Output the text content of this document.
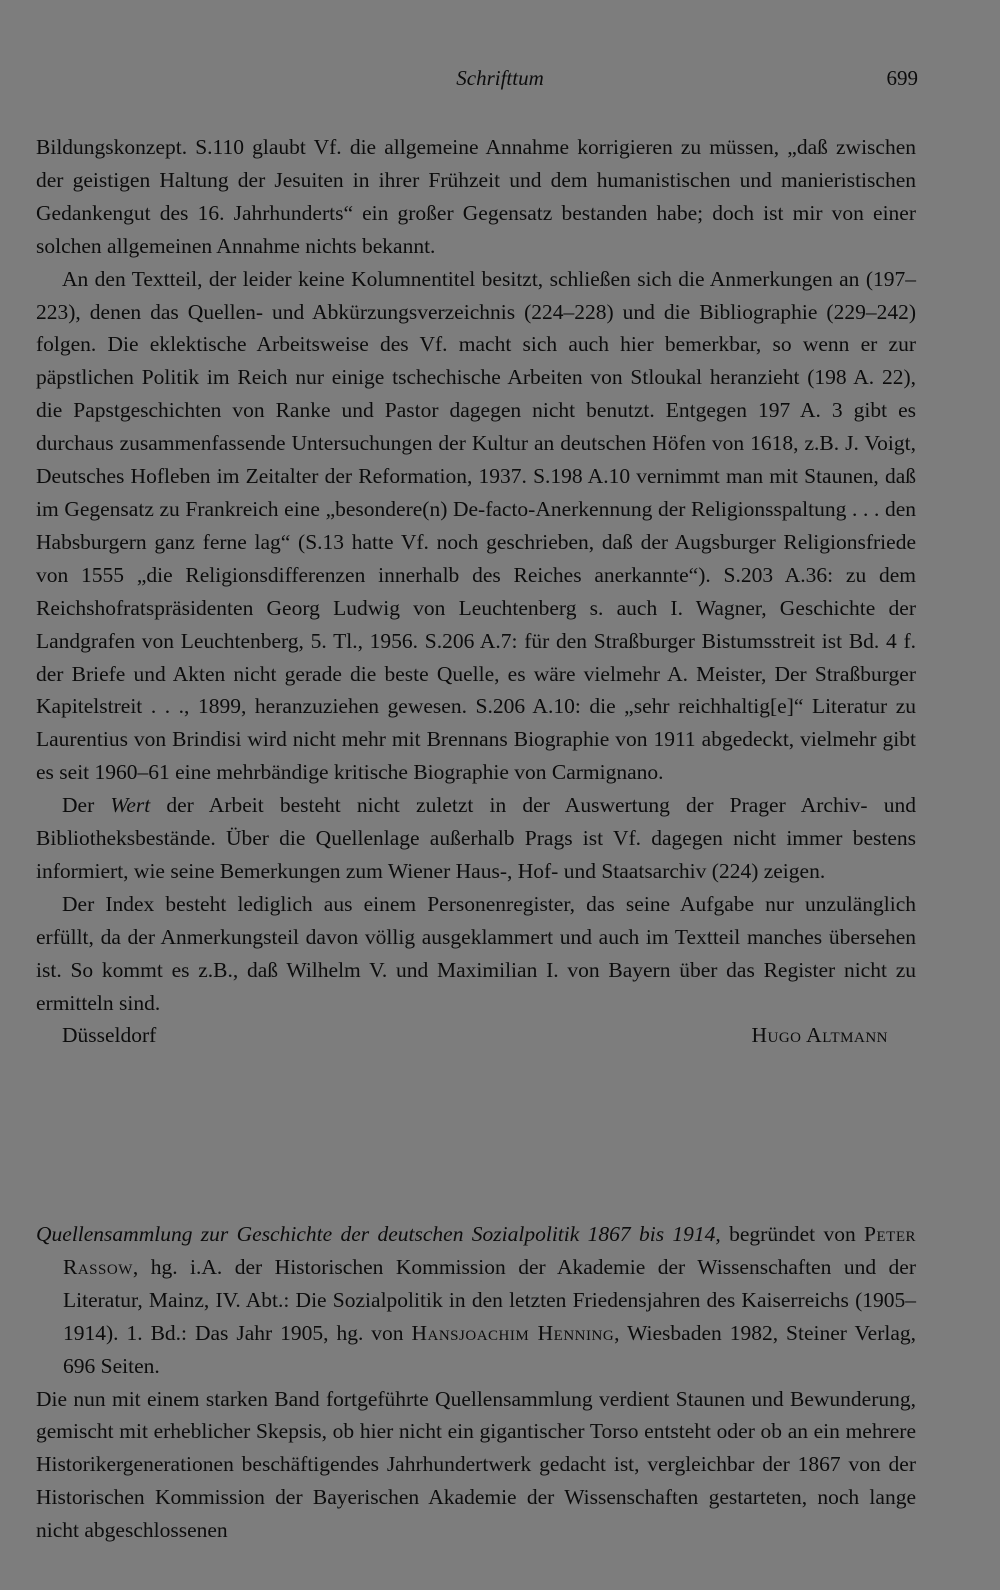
Schrifttum	699

Bildungskonzept. S.110 glaubt Vf. die allgemeine Annahme korrigieren zu müssen, „daß zwischen der geistigen Haltung der Jesuiten in ihrer Frühzeit und dem humanistischen und manieristischen Gedankengut des 16. Jahrhunderts“ ein großer Gegensatz bestanden habe; doch ist mir von einer solchen allgemeinen Annahme nichts bekannt.

An den Textteil, der leider keine Kolumnentitel besitzt, schließen sich die Anmerkungen an (197–223), denen das Quellen- und Abkürzungsverzeichnis (224–228) und die Bibliographie (229–242) folgen. Die eklektische Arbeitsweise des Vf. macht sich auch hier bemerkbar, so wenn er zur päpstlichen Politik im Reich nur einige tschechische Arbeiten von Stloukal heranzieht (198 A. 22), die Papstgeschichten von Ranke und Pastor dagegen nicht benutzt. Entgegen 197 A. 3 gibt es durchaus zusammenfassende Untersuchungen der Kultur an deutschen Höfen von 1618, z.B. J. Voigt, Deutsches Hofleben im Zeitalter der Reformation, 1937. S.198 A.10 vernimmt man mit Staunen, daß im Gegensatz zu Frankreich eine „besondere(n) De-facto-Anerkennung der Religionsspaltung . . . den Habsburgern ganz ferne lag“ (S.13 hatte Vf. noch geschrieben, daß der Augsburger Religionsfriede von 1555 „die Religionsdifferenzen innerhalb des Reiches anerkannte“). S.203 A.36: zu dem Reichshofratspräsidenten Georg Ludwig von Leuchtenberg s. auch I. Wagner, Geschichte der Landgrafen von Leuchtenberg, 5. Tl., 1956. S.206 A.7: für den Straßburger Bistumsstreit ist Bd. 4 f. der Briefe und Akten nicht gerade die beste Quelle, es wäre vielmehr A. Meister, Der Straßburger Kapitelstreit . . ., 1899, heranzuziehen gewesen. S.206 A.10: die „sehr reichhaltig[e]“ Literatur zu Laurentius von Brindisi wird nicht mehr mit Brennans Biographie von 1911 abgedeckt, vielmehr gibt es seit 1960–61 eine mehrbändige kritische Biographie von Carmignano.

Der Wert der Arbeit besteht nicht zuletzt in der Auswertung der Prager Archiv- und Bibliotheksbestände. Über die Quellenlage außerhalb Prags ist Vf. dagegen nicht immer bestens informiert, wie seine Bemerkungen zum Wiener Haus-, Hof- und Staatsarchiv (224) zeigen.

Der Index besteht lediglich aus einem Personenregister, das seine Aufgabe nur unzulänglich erfüllt, da der Anmerkungsteil davon völlig ausgeklammert und auch im Textteil manches übersehen ist. So kommt es z.B., daß Wilhelm V. und Maximilian I. von Bayern über das Register nicht zu ermitteln sind.

Düsseldorf	Hugo Altmann

Quellensammlung zur Geschichte der deutschen Sozialpolitik 1867 bis 1914, begründet von Peter Rassow, hg. i.A. der Historischen Kommission der Akademie der Wissenschaften und der Literatur, Mainz, IV. Abt.: Die Sozialpolitik in den letzten Friedensjahren des Kaiserreichs (1905–1914). 1. Bd.: Das Jahr 1905, hg. von Hansjoachim Henning, Wiesbaden 1982, Steiner Verlag, 696 Seiten.

Die nun mit einem starken Band fortgeführte Quellensammlung verdient Staunen und Bewunderung, gemischt mit erheblicher Skepsis, ob hier nicht ein gigantischer Torso entsteht oder ob an ein mehrere Historikergenerationen beschäftigendes Jahrhundertwerk gedacht ist, vergleichbar der 1867 von der Historischen Kommission der Bayerischen Akademie der Wissenschaften gestarteten, noch lange nicht abgeschlossenen
